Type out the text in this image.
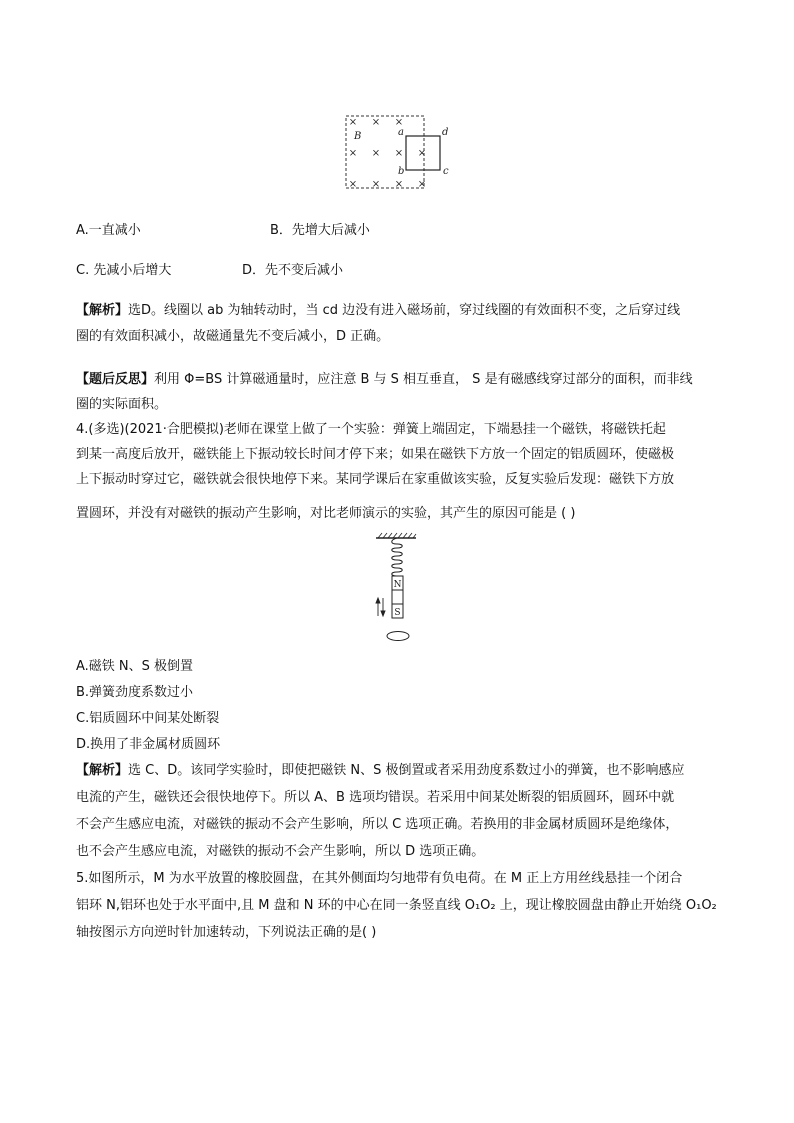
× × ×
× × × ×
× × × ×
B	a
b	c
d
A.一直减小	B．先增大后减小
C. 先减小后增大	D．先不变后减小
【解析】选D。线圈以 ab 为轴转动时，当 cd 边没有进入磁场前，穿过线圈的有效面积不变，之后穿过线
圈的有效面积减小，故磁通量先不变后减小，D 正确。
【题后反思】利用 Φ=BS 计算磁通量时，应注意 B 与 S 相互垂直， S 是有磁感线穿过部分的面积，而非线
圈的实际面积。
4.(多选)(2021·合肥模拟)老师在课堂上做了一个实验：弹簧上端固定，下端悬挂一个磁铁，将磁铁托起
到某一高度后放开，磁铁能上下振动较长时间才停下来；如果在磁铁下方放一个固定的铝质圆环，使磁极
上下振动时穿过它，磁铁就会很快地停下来。某同学课后在家重做该实验，反复实验后发现：磁铁下方放
置圆环，并没有对磁铁的振动产生影响，对比老师演示的实验，其产生的原因可能是 ( )
N
S
A.磁铁 N、S 极倒置
B.弹簧劲度系数过小
C.铝质圆环中间某处断裂
D.换用了非金属材质圆环
【解析】选 C、D。该同学实验时，即使把磁铁 N、S 极倒置或者采用劲度系数过小的弹簧，也不影响感应
电流的产生，磁铁还会很快地停下。所以 A、B 选项均错误。若采用中间某处断裂的铝质圆环，圆环中就
不会产生感应电流，对磁铁的振动不会产生影响，所以 C 选项正确。若换用的非金属材质圆环是绝缘体，
也不会产生感应电流，对磁铁的振动不会产生影响，所以 D 选项正确。
5.如图所示，M 为水平放置的橡胶圆盘，在其外侧面均匀地带有负电荷。在 M 正上方用丝线悬挂一个闭合
铝环 N,铝环也处于水平面中,且 M 盘和 N 环的中心在同一条竖直线 O₁O₂ 上，现让橡胶圆盘由静止开始绕 O₁O₂
轴按图示方向逆时针加速转动，下列说法正确的是( )
